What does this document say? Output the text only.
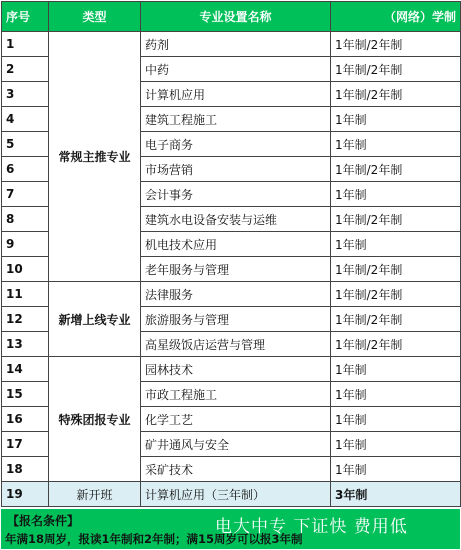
序号	类型	专业设置名称	（网络）学制
1	常规主推专业	药剂	1年制/2年制
2		中药	1年制/2年制
3		计算机应用	1年制/2年制
4		建筑工程施工	1年制
5		电子商务	1年制
6		市场营销	1年制/2年制
7		会计事务	1年制
8		建筑水电设备安装与运维	1年制/2年制
9		机电技术应用	1年制
10		老年服务与管理	1年制/2年制
11	新增上线专业	法律服务	1年制/2年制
12		旅游服务与管理	1年制/2年制
13		高星级饭店运营与管理	1年制/2年制
14	特殊团报专业	园林技术	1年制
15		市政工程施工	1年制
16		化学工艺	1年制
17		矿井通风与安全	1年制
18		采矿技术	1年制
19	新开班	计算机应用（三年制）	3年制
【报名条件】	电大中专 下证快 费用低
年满18周岁，报读1年制和2年制；满15周岁可以报3年制
